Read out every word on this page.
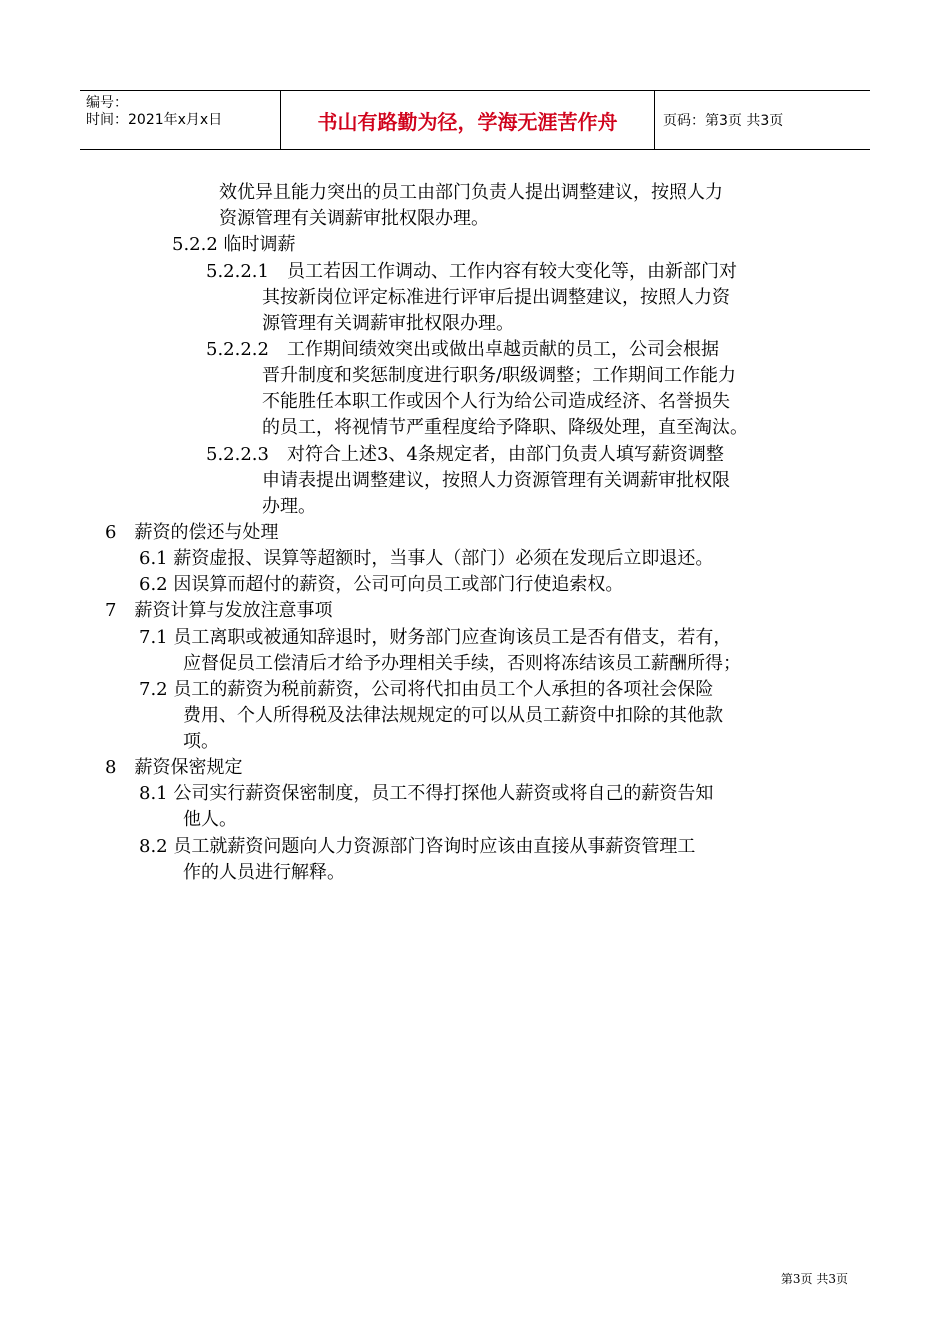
编号：
时间：2021年x月x日	书山有路勤为径，学海无涯苦作舟	页码：第3页 共3页
效优异且能力突出的员工由部门负责人提出调整建议，按照人力
资源管理有关调薪审批权限办理。
5.2.2 临时调薪
5.2.2.1　员工若因工作调动、工作内容有较大变化等，由新部门对
其按新岗位评定标准进行评审后提出调整建议，按照人力资
源管理有关调薪审批权限办理。
5.2.2.2　工作期间绩效突出或做出卓越贡献的员工，公司会根据
晋升制度和奖惩制度进行职务/职级调整；工作期间工作能力
不能胜任本职工作或因个人行为给公司造成经济、名誉损失
的员工，将视情节严重程度给予降职、降级处理，直至淘汰。
5.2.2.3　对符合上述3、4条规定者，由部门负责人填写薪资调整
申请表提出调整建议，按照人力资源管理有关调薪审批权限
办理。
6　薪资的偿还与处理
6.1 薪资虚报、误算等超额时，当事人（部门）必须在发现后立即退还。
6.2 因误算而超付的薪资，公司可向员工或部门行使追索权。
7　薪资计算与发放注意事项
7.1 员工离职或被通知辞退时，财务部门应查询该员工是否有借支，若有，
应督促员工偿清后才给予办理相关手续，否则将冻结该员工薪酬所得；
7.2 员工的薪资为税前薪资，公司将代扣由员工个人承担的各项社会保险
费用、个人所得税及法律法规规定的可以从员工薪资中扣除的其他款
项。
8　薪资保密规定
8.1 公司实行薪资保密制度，员工不得打探他人薪资或将自己的薪资告知
他人。
8.2 员工就薪资问题向人力资源部门咨询时应该由直接从事薪资管理工
作的人员进行解释。
第3页 共3页
